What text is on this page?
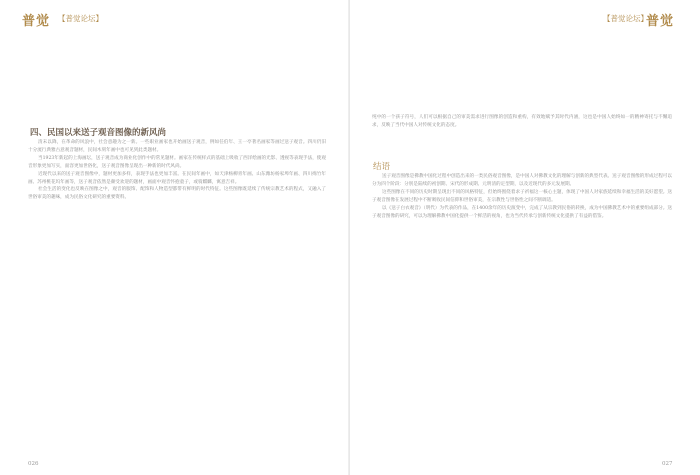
普觉 【普觉论坛】
四、民国以来送子观音图像的新风尚

清末以降，在革命的风浪中，社会意趣为之一新。一些职业画家也开始画送子观音，例如任伯年、王一亭著名画家等画过送子观音。四川仍旧十分流行典雅古意观音题材，民间木刻年画中也可见到此类题材。

当1923年新起的上海画坛，送子观音成为商业化创作中的常见题材。画家在传统样式的基础上吸收了西洋绘画的光影、透视等表现手法，使观音形象更加写实，面容更加世俗化，送子观音图像呈现出一种新的时代风尚。

近现代以来的送子观音图像中，题材更加多样，表现手法也更加丰富。在民间年画中，如天津杨柳青年画、山东潍坊杨家埠年画、四川绵竹年画、苏州桃花坞年画等，送子观音依然是颇受欢迎的题材，画面中观音怀抱童子，或骑麒麟，寓意吉祥。

社会生活的变化也反映在图像之中，观音的服饰、配饰和人物造型都带有鲜明的时代特征。这些图像既延续了传统宗教艺术的程式，又融入了世俗审美的趣味，成为民俗文化研究的重要资料。

026
【普觉论坛】
普觉

纯中的一个孩子符号，人们可以根据自己的审美需求进行图像的创造和重构，有效地赋予其时代内涵，这也是中国人始终如一的精神寄托与不懈追求，反映了当代中国人对传统文化的态度。

结语

送子观音图像是佛教中国化过程中创造出来的一类民俗观音图像，是中国人对佛教文化的理解与创新的典型代表。送子观音图像的形成过程可以分为四个阶段：分别是陆续的初创期、宋代的形成期、元明清的定型期，以及近现代的多元发展期。

这些图像在不同的历史时期呈现出不同的风格特征，但始终围绕着求子祈福这一核心主题，体现了中国人对家族延续和幸福生活的美好愿望。送子观音图像在发展过程中不断吸收民间信仰和世俗审美，在宗教性与世俗性之间不断调适。

以《送子白衣观音》（明代）为代表的作品，在1400余年的历史演变中，完成了从宗教到民俗的转换，成为中国佛教艺术中的重要组成部分。送子观音图像的研究，可以为理解佛教中国化提供一个鲜活的视角，也为当代传承与创新传统文化提供了有益的借鉴。

027
